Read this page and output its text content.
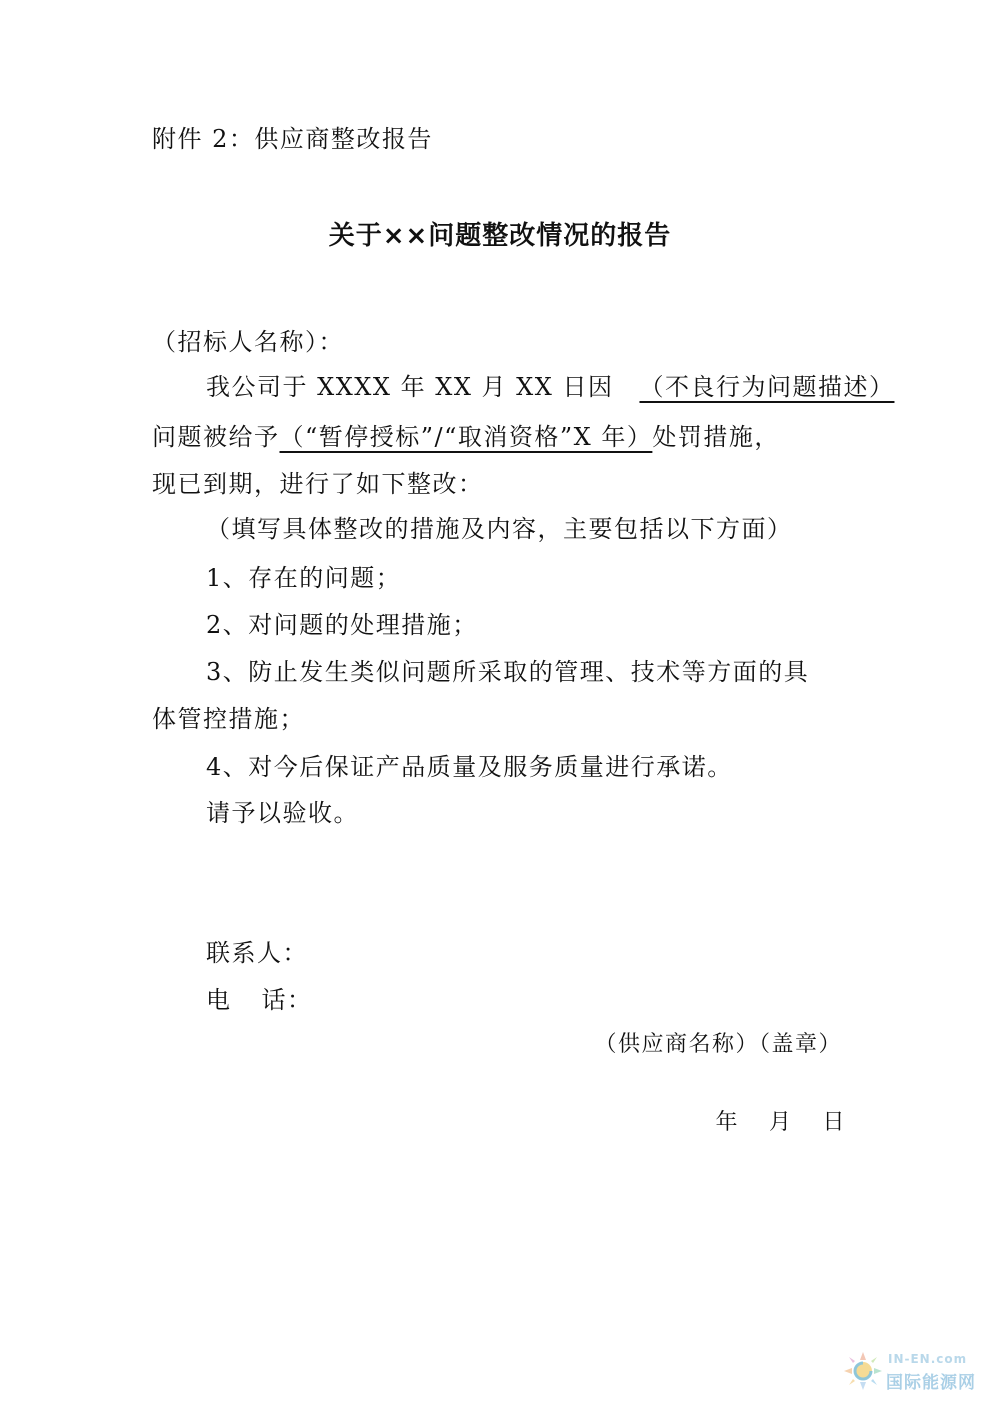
附件 2：供应商整改报告
关于××问题整改情况的报告
（招标人名称）：
我公司于 XXXX 年 XX 月 XX 日因 （不良行为问题描述）
问题被给予（“暂停授标”/“取消资格”X 年）处罚措施，
现已到期，进行了如下整改：
（填写具体整改的措施及内容，主要包括以下方面）
1、存在的问题；
2、对问题的处理措施；
3、防止发生类似问题所采取的管理、技术等方面的具
体管控措施；
4、对今后保证产品质量及服务质量进行承诺。
请予以验收。
联系人：
电 话：
（供应商名称）（盖章）
年 月 日
IN-EN.com
国际能源网
